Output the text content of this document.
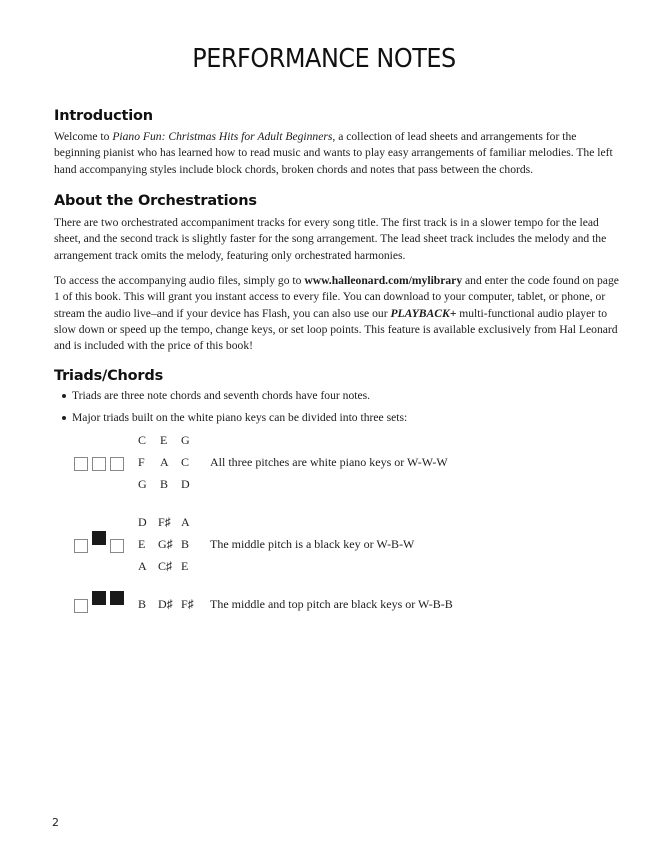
PERFORMANCE NOTES
Introduction

Welcome to Piano Fun: Christmas Hits for Adult Beginners, a collection of lead sheets and arrangements for the beginning pianist who has learned how to read music and wants to play easy arrangements of familiar melodies. The left hand accompanying styles include block chords, broken chords and notes that pass between the chords.

About the Orchestrations

There are two orchestrated accompaniment tracks for every song title. The first track is in a slower tempo for the lead sheet, and the second track is slightly faster for the song arrangement. The lead sheet track includes the melody and the arrangement track omits the melody, featuring only orchestrated harmonies.

To access the accompanying audio files, simply go to www.halleonard.com/mylibrary and enter the code found on page 1 of this book. This will grant you instant access to every file. You can download to your computer, tablet, or phone, or stream the audio live–and if your device has Flash, you can also use our PLAYBACK+ multi-functional audio player to slow down or speed up the tempo, change keys, or set loop points. This feature is available exclusively from Hal Leonard and is included with the price of this book!

Triads/Chords
Triads are three note chords and seventh chords have four notes.
Major triads built on the white piano keys can be divided into three sets:
C	E	G
F	A	C
G	B	D
All three pitches are white piano keys or W-W-W
D F♯ A
E	G♯ B
A C♯ E
The middle pitch is a black key or W-B-W
B D♯ F♯	The middle and top pitch are black keys or W-B-B
2
